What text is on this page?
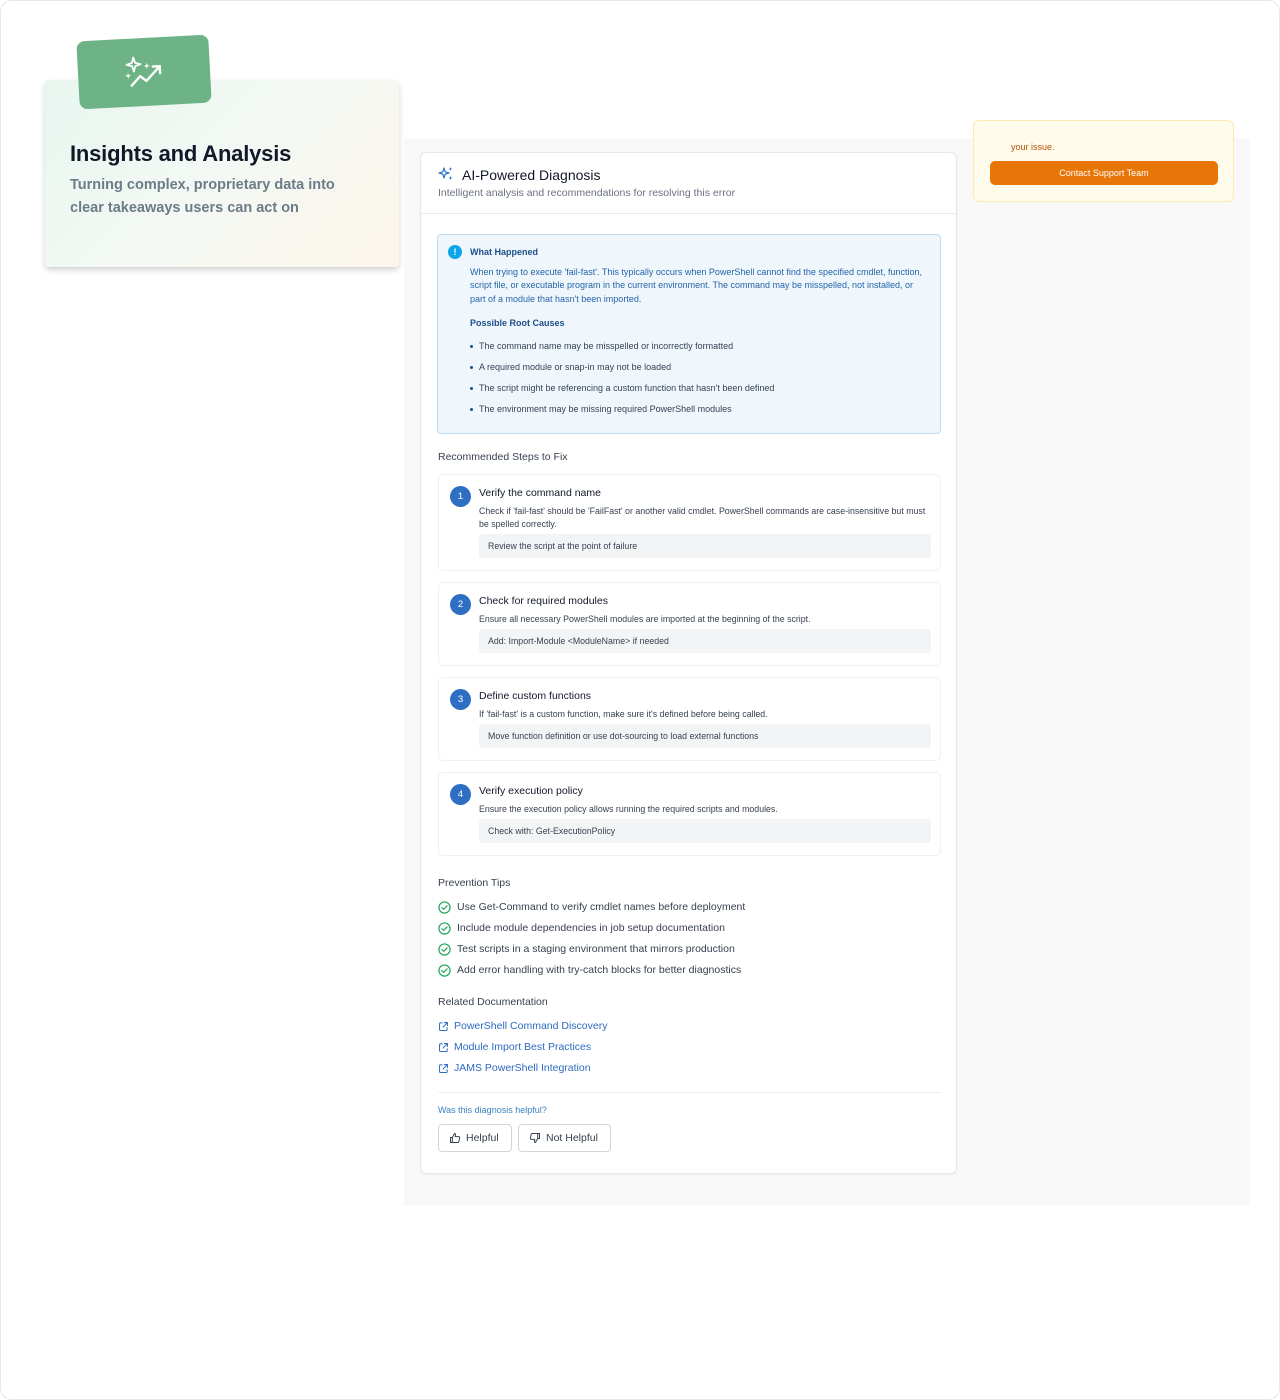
your issue.
Contact Support Team
AI-Powered Diagnosis
Intelligent analysis and recommendations for resolving this error
!	What Happened
When trying to execute 'fail-fast'. This typically occurs when PowerShell cannot find the specified cmdlet, function, script file, or executable program in the current environment. The command may be misspelled, not installed, or part of a module that hasn't been imported.
Possible Root Causes
The command name may be misspelled or incorrectly formatted
A required module or snap-in may not be loaded
The script might be referencing a custom function that hasn't been defined
The environment may be missing required PowerShell modules
Recommended Steps to Fix
1	Verify the command name
Check if 'fail-fast' should be 'FailFast' or another valid cmdlet. PowerShell commands are case-insensitive but must be spelled correctly.
Review the script at the point of failure
2	Check for required modules
Ensure all necessary PowerShell modules are imported at the beginning of the script.
Add: Import-Module <ModuleName> if needed
3	Define custom functions
If 'fail-fast' is a custom function, make sure it's defined before being called.
Move function definition or use dot-sourcing to load external functions
4	Verify execution policy
Ensure the execution policy allows running the required scripts and modules.
Check with: Get-ExecutionPolicy
Prevention Tips
Use Get-Command to verify cmdlet names before deployment
Include module dependencies in job setup documentation
Test scripts in a staging environment that mirrors production
Add error handling with try-catch blocks for better diagnostics
Related Documentation
PowerShell Command Discovery
Module Import Best Practices
JAMS PowerShell Integration
Was this diagnosis helpful?
Helpful	Not Helpful
Insights and Analysis
Turning complex, proprietary data into clear takeaways users can act on
